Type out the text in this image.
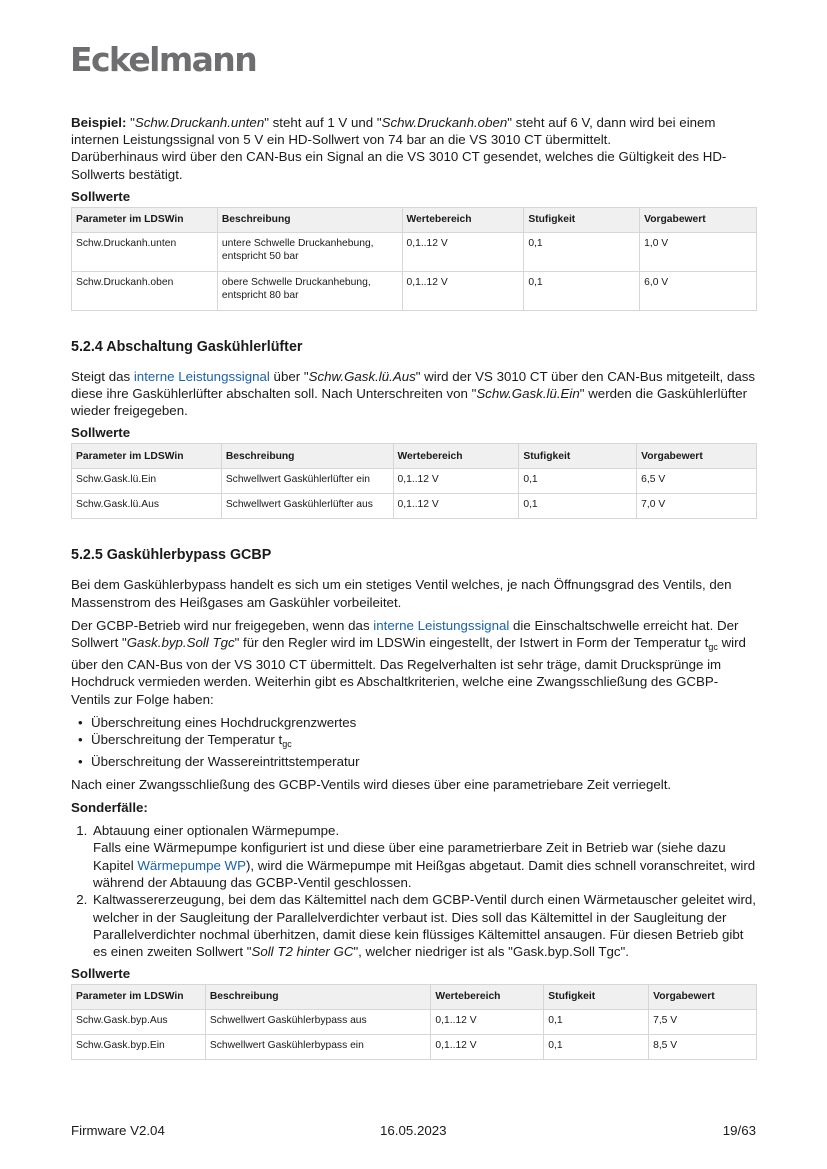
Eckelmann

Beispiel: "Schw.Druckanh.unten" steht auf 1 V und "Schw.Druckanh.oben" steht auf 6 V, dann wird bei einem internen Leistungssignal von 5 V ein HD-Sollwert von 74 bar an die VS 3010 CT übermittelt.
Darüberhinaus wird über den CAN-Bus ein Signal an die VS 3010 CT gesendet, welches die Gültigkeit des HD-Sollwerts bestätigt.

Sollwerte
Parameter im LDSWin	Beschreibung	Wertebereich	Stufigkeit	Vorgabewert
Schw.Druckanh.unten	untere Schwelle Druckanhebung, entspricht 50 bar	0,1..12 V	0,1	1,0 V
Schw.Druckanh.oben	obere Schwelle Druckanhebung, entspricht 80 bar	0,1..12 V	0,1	6,0 V
5.2.4 Abschaltung Gaskühlerlüfter

Steigt das interne Leistungssignal über "Schw.Gask.lü.Aus" wird der VS 3010 CT über den CAN-Bus mitgeteilt, dass diese ihre Gaskühlerlüfter abschalten soll. Nach Unterschreiten von "Schw.Gask.lü.Ein" werden die Gaskühlerlüfter wieder freigegeben.

Sollwerte
Parameter im LDSWin	Beschreibung	Wertebereich	Stufigkeit	Vorgabewert
Schw.Gask.lü.Ein	Schwellwert Gaskühlerlüfter ein	0,1..12 V	0,1	6,5 V
Schw.Gask.lü.Aus	Schwellwert Gaskühlerlüfter aus	0,1..12 V	0,1	7,0 V
5.2.5 Gaskühlerbypass GCBP

Bei dem Gaskühlerbypass handelt es sich um ein stetiges Ventil welches, je nach Öffnungsgrad des Ventils, den Massenstrom des Heißgases am Gaskühler vorbeileitet.

Der GCBP-Betrieb wird nur freigegeben, wenn das interne Leistungssignal die Einschaltschwelle erreicht hat. Der Sollwert "Gask.byp.Soll Tgc" für den Regler wird im LDSWin eingestellt, der Istwert in Form der Temperatur $t_{gc}$ wird über den CAN-Bus von der VS 3010 CT übermittelt. Das Regelverhalten ist sehr träge, damit Drucksprünge im Hochdruck vermieden werden. Weiterhin gibt es Abschaltkriterien, welche eine Zwangsschließung des GCBP-Ventils zur Folge haben:

• Überschreitung eines Hochdruckgrenzwertes
• Überschreitung der Temperatur $t_{gc}$
• Überschreitung der Wassereintrittstemperatur

Nach einer Zwangsschließung des GCBP-Ventils wird dieses über eine parametriebare Zeit verriegelt.

Sonderfälle:

1. Abtauung einer optionalen Wärmepumpe.
Falls eine Wärmepumpe konfiguriert ist und diese über eine parametrierbare Zeit in Betrieb war (siehe dazu Kapitel Wärmepumpe WP), wird die Wärmepumpe mit Heißgas abgetaut. Damit dies schnell voranschreitet, wird während der Abtauung das GCBP-Ventil geschlossen.
2. Kaltwassererzeugung, bei dem das Kältemittel nach dem GCBP-Ventil durch einen Wärmetauscher geleitet wird, welcher in der Saugleitung der Parallelverdichter verbaut ist. Dies soll das Kältemittel in der Saugleitung der Parallelverdichter nochmal überhitzen, damit diese kein flüssiges Kältemittel ansaugen. Für diesen Betrieb gibt es einen zweiten Sollwert "Soll T2 hinter GC", welcher niedriger ist als "Gask.byp.Soll Tgc".
Sollwerte
Parameter im LDSWin	Beschreibung	Wertebereich	Stufigkeit	Vorgabewert
Schw.Gask.byp.Aus	Schwellwert Gaskühlerbypass aus	0,1..12 V	0,1	7,5 V
Schw.Gask.byp.Ein	Schwellwert Gaskühlerbypass ein	0,1..12 V	0,1	8,5 V
Firmware V2.04	16.05.2023	19/63
